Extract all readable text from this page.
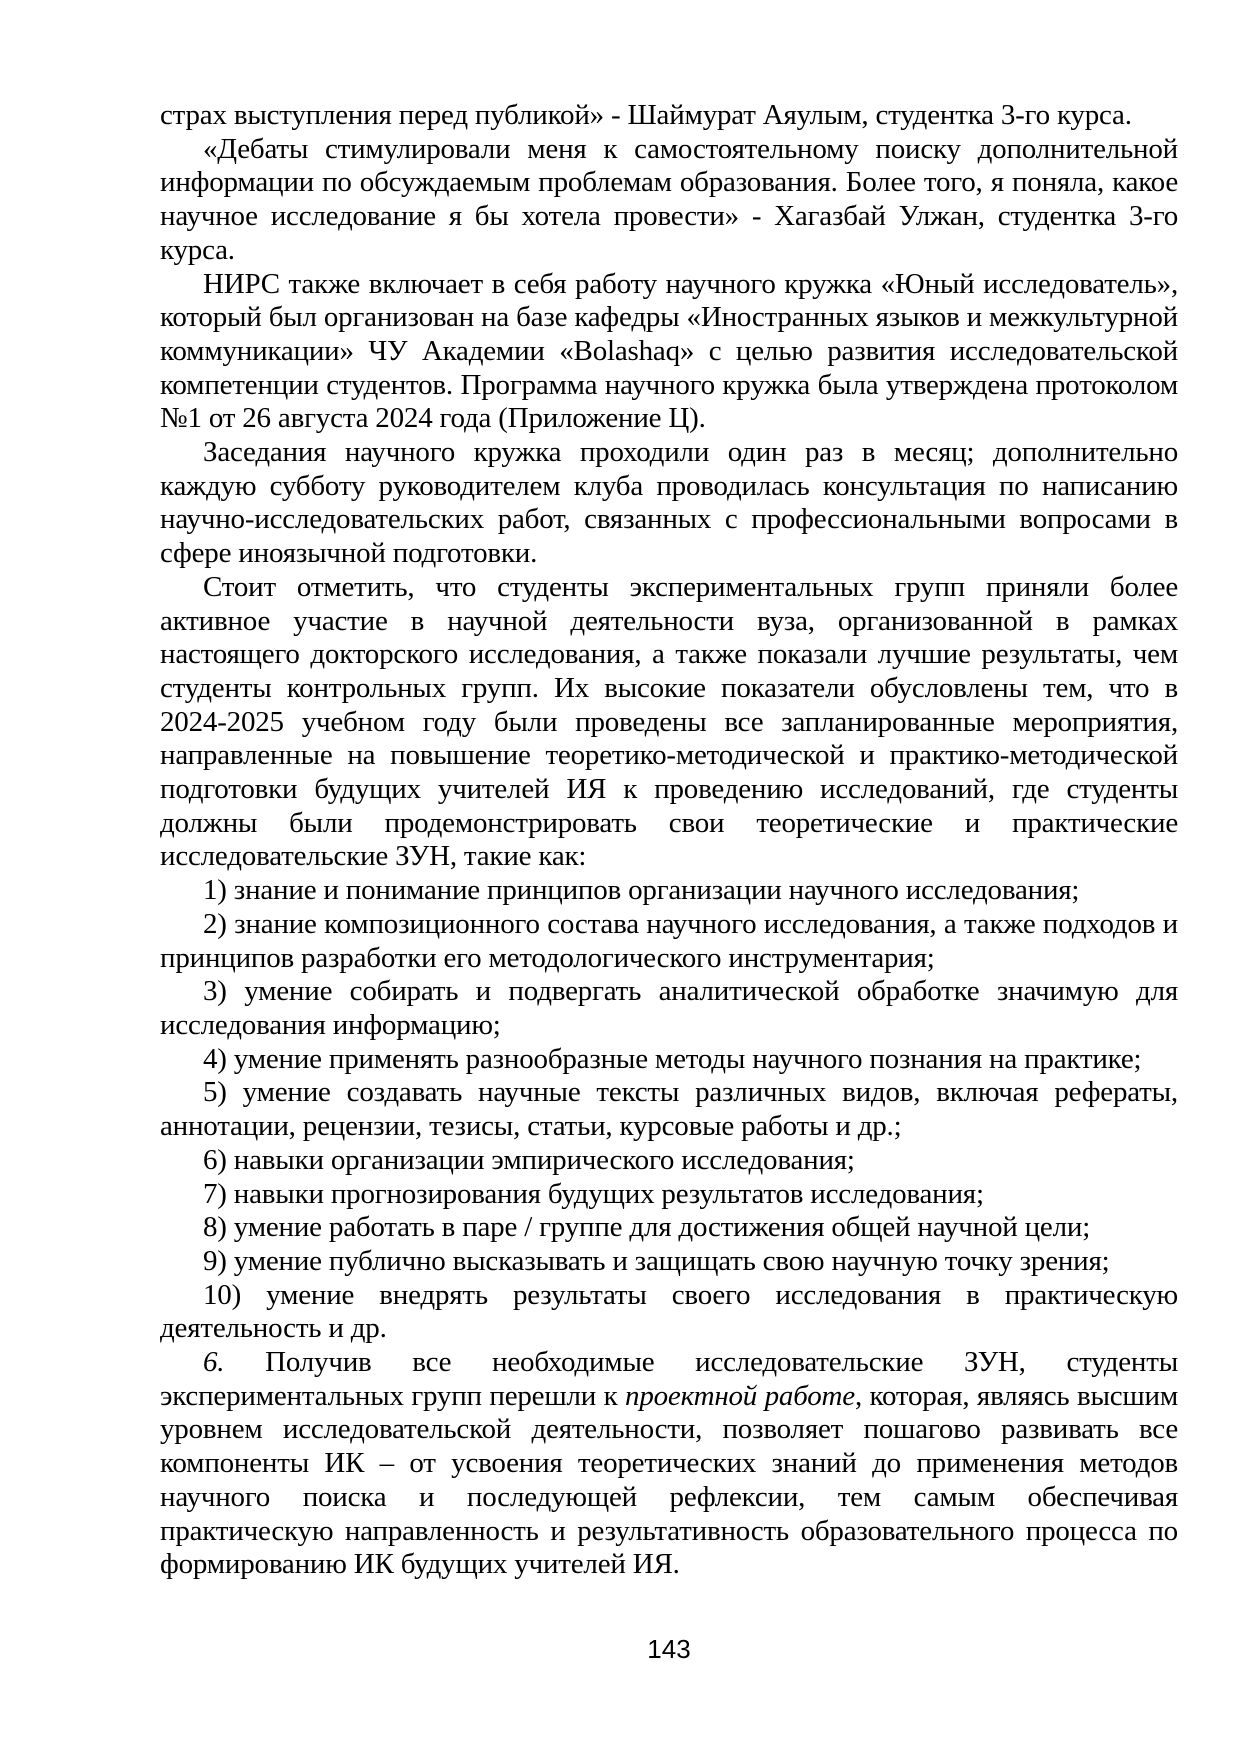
страх выступления перед публикой» - Шаймурат Аяулым, студентка 3-го курса.

«Дебаты стимулировали меня к самостоятельному поиску дополнительной информации по обсуждаемым проблемам образования. Более того, я поняла, какое научное исследование я бы хотела провести» - Хагазбай Улжан, студентка 3-го курса.

НИРС также включает в себя работу научного кружка «Юный исследователь», который был организован на базе кафедры «Иностранных языков и межкультурной коммуникации» ЧУ Академии «Bolashaq» с целью развития исследовательской компетенции студентов. Программа научного кружка была утверждена протоколом №1 от 26 августа 2024 года (Приложение Ц).

Заседания научного кружка проходили один раз в месяц; дополнительно каждую субботу руководителем клуба проводилась консультация по написанию научно-исследовательских работ, связанных с профессиональными вопросами в сфере иноязычной подготовки.

Стоит отметить, что студенты экспериментальных групп приняли более активное участие в научной деятельности вуза, организованной в рамках настоящего докторского исследования, а также показали лучшие результаты, чем студенты контрольных групп. Их высокие показатели обусловлены тем, что в 2024-2025 учебном году были проведены все запланированные мероприятия, направленные на повышение теоретико-методической и практико-методической подготовки будущих учителей ИЯ к проведению исследований, где студенты должны были продемонстрировать свои теоретические и практические исследовательские ЗУН, такие как:

1) знание и понимание принципов организации научного исследования;

2) знание композиционного состава научного исследования, а также подходов и принципов разработки его методологического инструментария;

3) умение собирать и подвергать аналитической обработке значимую для исследования информацию;

4) умение применять разнообразные методы научного познания на практике;

5) умение создавать научные тексты различных видов, включая рефераты, аннотации, рецензии, тезисы, статьи, курсовые работы и др.;

6) навыки организации эмпирического исследования;

7) навыки прогнозирования будущих результатов исследования;

8) умение работать в паре / группе для достижения общей научной цели;

9) умение публично высказывать и защищать свою научную точку зрения;

10) умение внедрять результаты своего исследования в практическую деятельность и др.

6. Получив все необходимые исследовательские ЗУН, студенты экспериментальных групп перешли к проектной работе, которая, являясь высшим уровнем исследовательской деятельности, позволяет пошагово развивать все компоненты ИК – от усвоения теоретических знаний до применения методов научного поиска и последующей рефлексии, тем самым обеспечивая практическую направленность и результативность образовательного процесса по формированию ИК будущих учителей ИЯ.

143
